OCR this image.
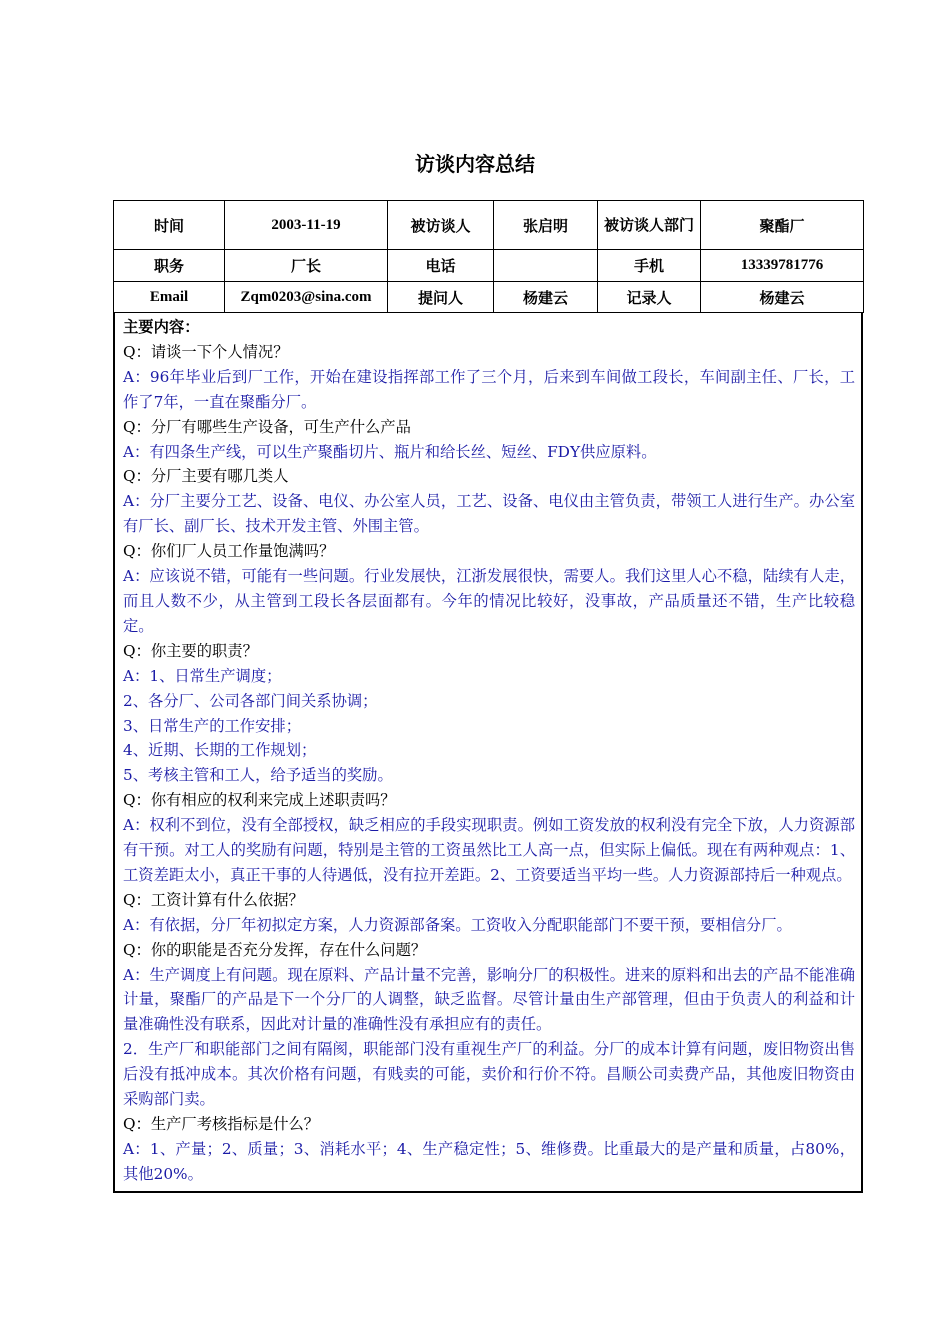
访谈内容总结
时间	2003-11-19	被访谈人	张启明	被访谈人部门	聚酯厂
职务	厂长	电话		手机	13339781776
Email	Zqm0203@sina.com	提问人	杨建云	记录人	杨建云

主要内容：

Q：请谈一下个人情况？

A：96年毕业后到厂工作，开始在建设指挥部工作了三个月，后来到车间做工段长，车间副主任、厂长，工作了7年，一直在聚酯分厂。

Q：分厂有哪些生产设备，可生产什么产品

A：有四条生产线，可以生产聚酯切片、瓶片和给长丝、短丝、FDY供应原料。

Q：分厂主要有哪几类人

A：分厂主要分工艺、设备、电仪、办公室人员，工艺、设备、电仪由主管负责，带领工人进行生产。办公室有厂长、副厂长、技术开发主管、外围主管。

Q：你们厂人员工作量饱满吗？

A：应该说不错，可能有一些问题。行业发展快，江浙发展很快，需要人。我们这里人心不稳，陆续有人走，而且人数不少，从主管到工段长各层面都有。今年的情况比较好，没事故，产品质量还不错，生产比较稳定。

Q：你主要的职责？

A：1、日常生产调度；

2、各分厂、公司各部门间关系协调；

3、日常生产的工作安排；

4、近期、长期的工作规划；

5、考核主管和工人，给予适当的奖励。

Q：你有相应的权利来完成上述职责吗？

A：权利不到位，没有全部授权，缺乏相应的手段实现职责。例如工资发放的权利没有完全下放，人力资源部有干预。对工人的奖励有问题，特别是主管的工资虽然比工人高一点，但实际上偏低。现在有两种观点：1、工资差距太小，真正干事的人待遇低，没有拉开差距。2、工资要适当平均一些。人力资源部持后一种观点。

Q：工资计算有什么依据？

A：有依据，分厂年初拟定方案，人力资源部备案。工资收入分配职能部门不要干预，要相信分厂。

Q：你的职能是否充分发挥，存在什么问题？

A：生产调度上有问题。现在原料、产品计量不完善，影响分厂的积极性。进来的原料和出去的产品不能准确计量，聚酯厂的产品是下一个分厂的人调整，缺乏监督。尽管计量由生产部管理，但由于负责人的利益和计量准确性没有联系，因此对计量的准确性没有承担应有的责任。

2．生产厂和职能部门之间有隔阂，职能部门没有重视生产厂的利益。分厂的成本计算有问题，废旧物资出售后没有抵冲成本。其次价格有问题，有贱卖的可能，卖价和行价不符。昌顺公司卖费产品，其他废旧物资由采购部门卖。

Q：生产厂考核指标是什么？

A：1、产量；2、质量；3、消耗水平；4、生产稳定性；5、维修费。比重最大的是产量和质量，占80%，其他20%。
